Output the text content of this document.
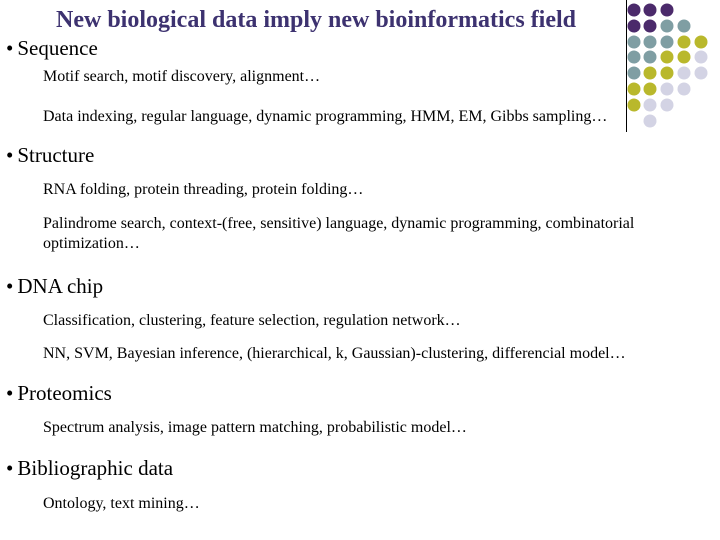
New biological data imply new bioinformatics field
• Sequence
Motif search, motif discovery, alignment…
Data indexing, regular language, dynamic programming, HMM, EM, Gibbs sampling…
• Structure
RNA folding, protein threading, protein folding…
Palindrome search, context-(free, sensitive) language, dynamic programming, combinatorial optimization…
• DNA chip
Classification, clustering, feature selection, regulation network…
NN, SVM, Bayesian inference, (hierarchical, k, Gaussian)-clustering, differencial model…
• Proteomics
Spectrum analysis, image pattern matching, probabilistic model…
• Bibliographic data
Ontology, text mining…
